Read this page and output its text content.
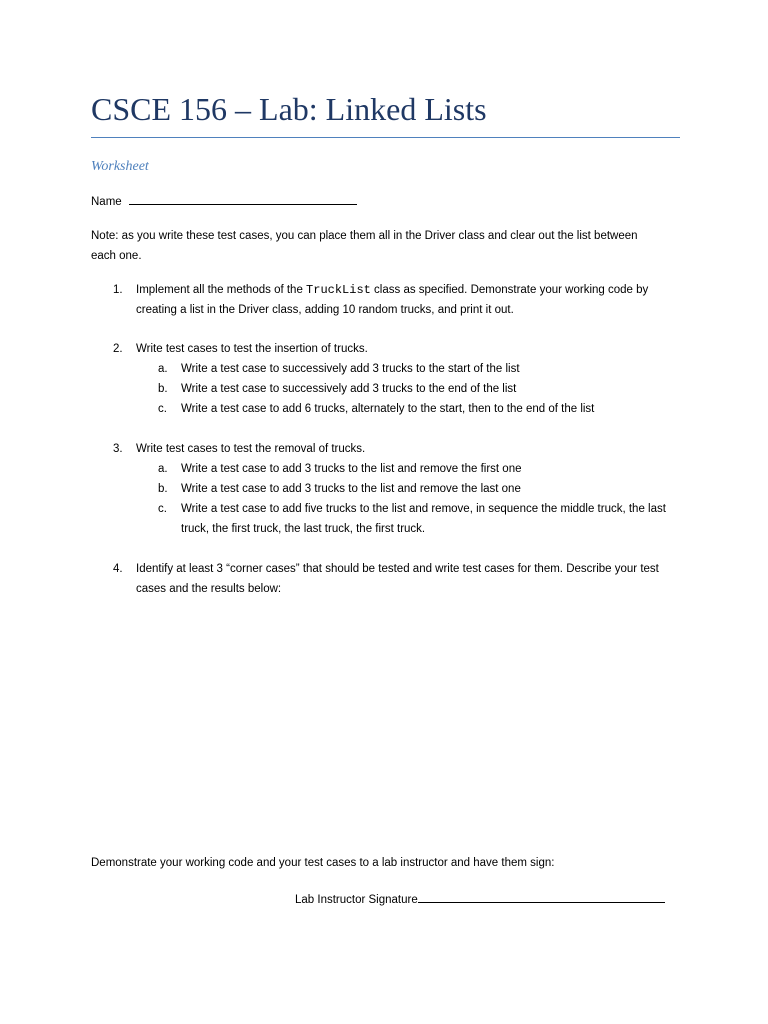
CSCE 156 – Lab: Linked Lists
Worksheet
Name
Note: as you write these test cases, you can place them all in the Driver class and clear out the list between each one.
1. Implement all the methods of the TruckList class as specified. Demonstrate your working code by creating a list in the Driver class, adding 10 random trucks, and print it out.
2. Write test cases to test the insertion of trucks.
a. Write a test case to successively add 3 trucks to the start of the list
b. Write a test case to successively add 3 trucks to the end of the list
c. Write a test case to add 6 trucks, alternately to the start, then to the end of the list
3. Write test cases to test the removal of trucks.
a. Write a test case to add 3 trucks to the list and remove the first one
b. Write a test case to add 3 trucks to the list and remove the last one
c. Write a test case to add five trucks to the list and remove, in sequence the middle truck, the last truck, the first truck, the last truck, the first truck.
4. Identify at least 3 “corner cases” that should be tested and write test cases for them. Describe your test cases and the results below:
Demonstrate your working code and your test cases to a lab instructor and have them sign:
Lab Instructor Signature
